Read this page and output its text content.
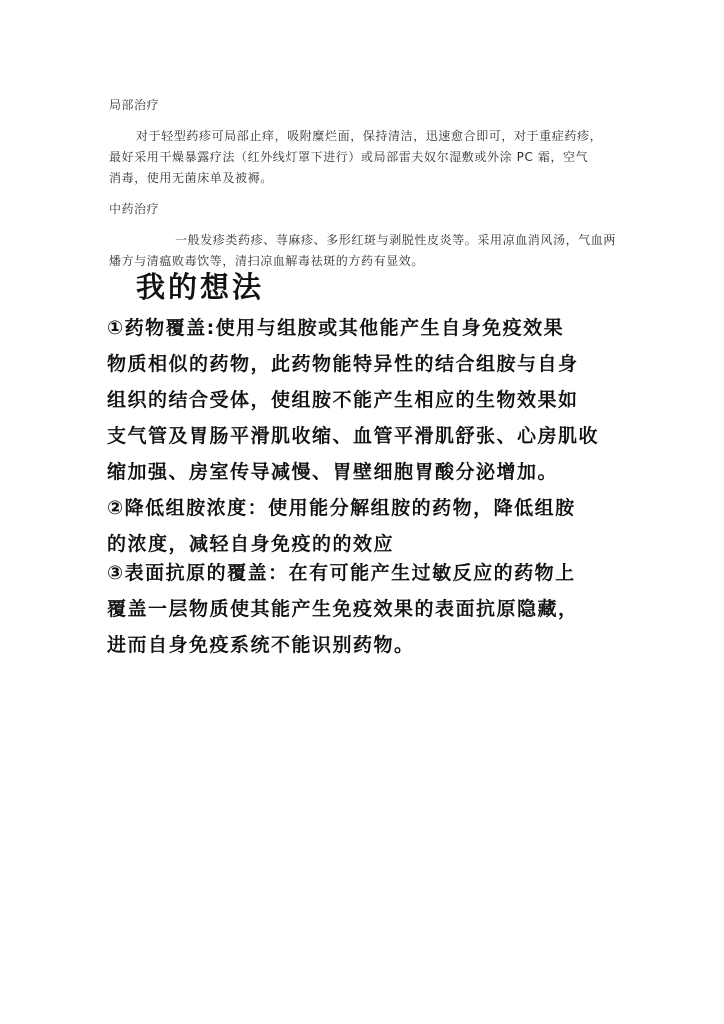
局部治疗
对于轻型药疹可局部止痒，吸附糜烂面，保持清洁，迅速愈合即可，对于重症药疹，
最好采用干燥暴露疗法（红外线灯罩下进行）或局部雷夫奴尔湿敷或外涂 PC 霜，空气
消毒，使用无菌床单及被褥。
中药治疗
一般发疹类药疹、荨麻疹、多形红斑与剥脱性皮炎等。采用凉血消风汤，气血两
燔方与清瘟败毒饮等，清扫凉血解毒祛斑的方药有显效。
我的想法
①药物覆盖:使用与组胺或其他能产生自身免疫效果
物质相似的药物，此药物能特异性的结合组胺与自身
组织的结合受体，使组胺不能产生相应的生物效果如
支气管及胃肠平滑肌收缩、血管平滑肌舒张、心房肌收
缩加强、房室传导减慢、胃壁细胞胃酸分泌增加。
②降低组胺浓度：使用能分解组胺的药物，降低组胺
的浓度，减轻自身免疫的的效应
③表面抗原的覆盖：在有可能产生过敏反应的药物上
覆盖一层物质使其能产生免疫效果的表面抗原隐藏，
进而自身免疫系统不能识别药物。
